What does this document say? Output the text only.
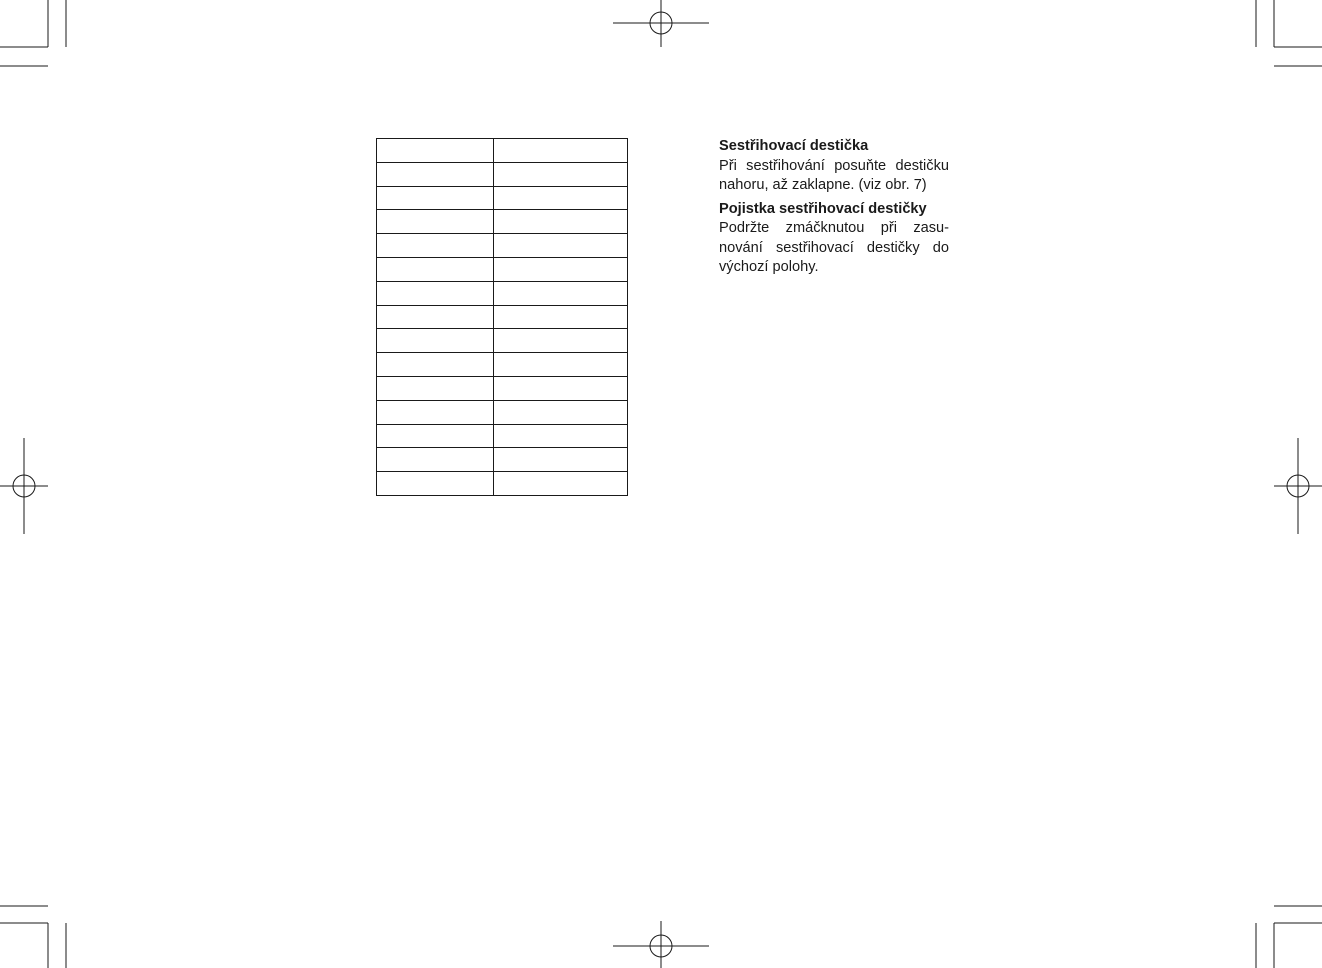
Sestřihovací destička

Při sestřihování posuňte destičku nahoru, až zaklapne. (viz obr. 7)

Pojistka sestřihovací destičky

Podržte zmáčknutou při zasu-nování sestřihovací destičky do výchozí polohy.
